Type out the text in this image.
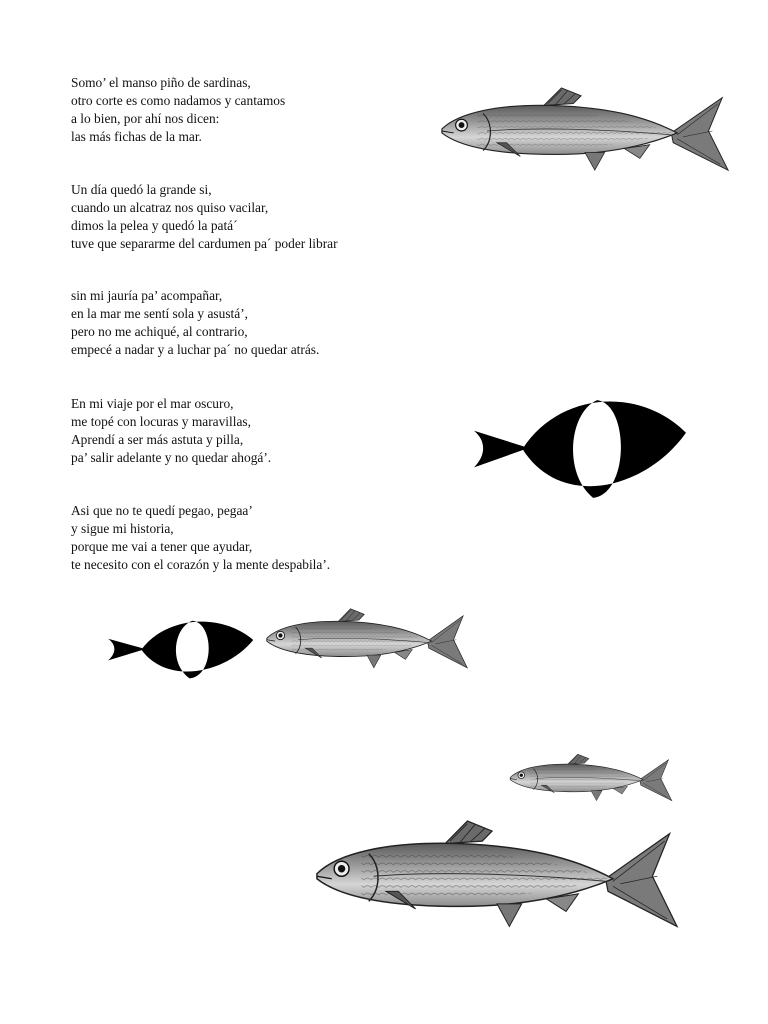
Somo’ el manso piño de sardinas,
otro corte es como nadamos y cantamos
a lo bien, por ahí nos dicen:
las más fichas de la mar.

Un día quedó la grande si,
cuando un alcatraz nos quiso vacilar,
dimos la pelea y quedó la patá´
tuve que separarme del cardumen pa´ poder librar

sin mi jauría pa’ acompañar,
en la mar me sentí sola y asustá’,
pero no me achiqué, al contrario,
empecé a nadar y a luchar pa´ no quedar atrás.

En mi viaje por el mar oscuro,
me topé con locuras y maravillas,
Aprendí a ser más astuta y pilla,
pa’ salir adelante y no quedar ahogá’.

Asi que no te quedí pegao, pegaa’
y sigue mi historia,
porque me vai a tener que ayudar,
te necesito con el corazón y la mente despabila’.
